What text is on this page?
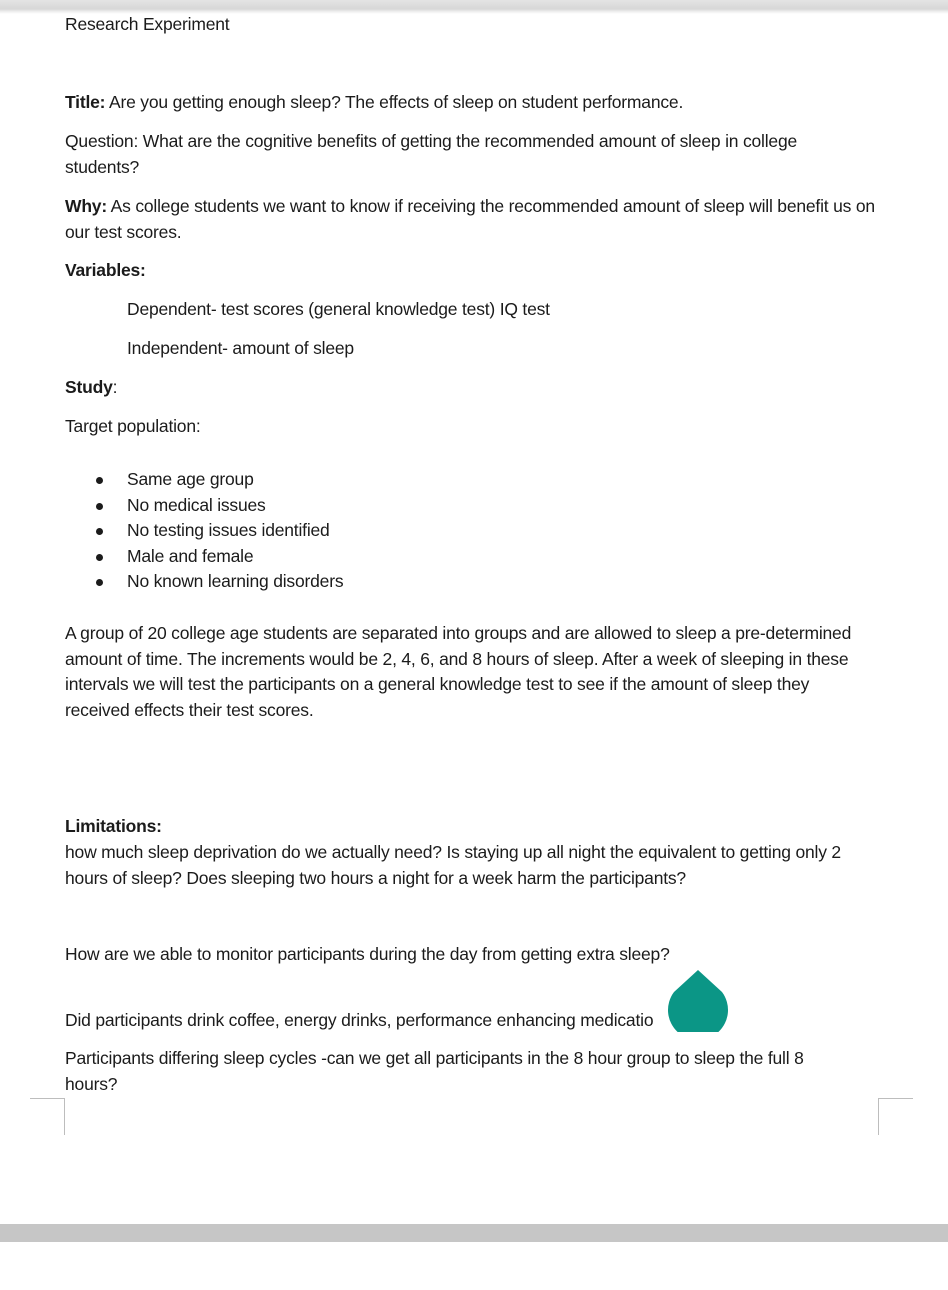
Research Experiment

Title: Are you getting enough sleep? The effects of sleep on student performance.

Question: What are the cognitive benefits of getting the recommended amount of sleep in college students?

Why: As college students we want to know if receiving the recommended amount of sleep will benefit us on our test scores.

Variables:

Dependent- test scores (general knowledge test) IQ test

Independent- amount of sleep

Study:

Target population:

Same age group
No medical issues
No testing issues identified
Male and female
No known learning disorders

A group of 20 college age students are separated into groups and are allowed to sleep a pre-determined amount of time. The increments would be 2, 4, 6, and 8 hours of sleep. After a week of sleeping in these intervals we will test the participants on a general knowledge test to see if the amount of sleep they received effects their test scores.

Limitations:

how much sleep deprivation do we actually need? Is staying up all night the equivalent to getting only 2 hours of sleep? Does sleeping two hours a night for a week harm the participants?

How are we able to monitor participants during the day from getting extra sleep?

Did participants drink coffee, energy drinks, performance enhancing medicatio

Participants differing sleep cycles -can we get all participants in the 8 hour group to sleep the full 8 hours?
